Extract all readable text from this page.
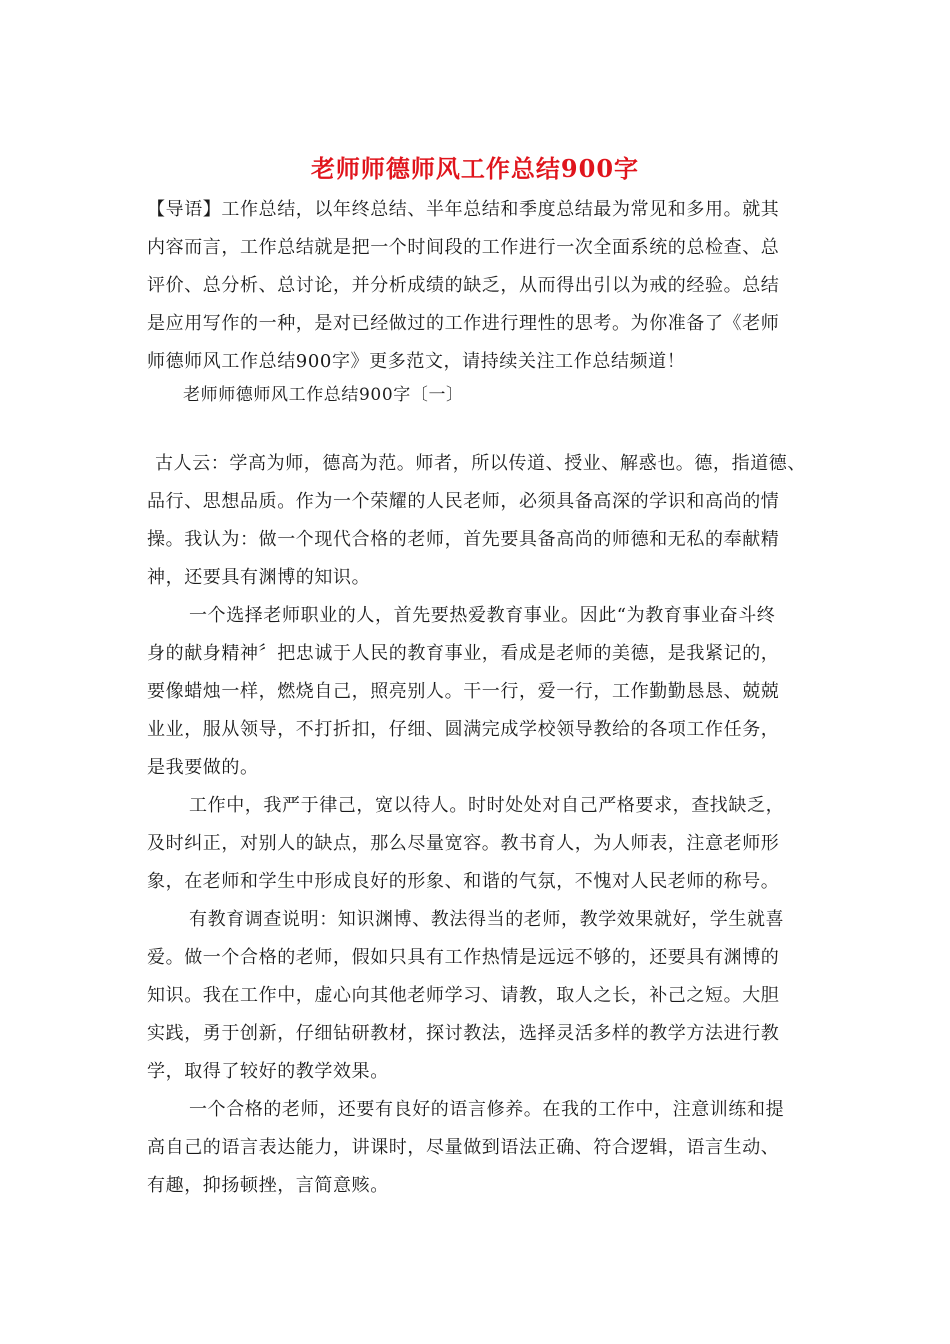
老师师德师风工作总结900字
【导语】工作总结，以年终总结、半年总结和季度总结最为常见和多用。就其
内容而言，工作总结就是把一个时间段的工作进行一次全面系统的总检查、总
评价、总分析、总讨论，并分析成绩的缺乏，从而得出引以为戒的经验。总结
是应用写作的一种，是对已经做过的工作进行理性的思考。为你准备了《老师
师德师风工作总结900字》更多范文，请持续关注工作总结频道！
老师师德师风工作总结900字〔一〕
古人云：学高为师，德高为范。师者，所以传道、授业、解惑也。德，指道德、
品行、思想品质。作为一个荣耀的人民老师，必须具备高深的学识和高尚的情
操。我认为：做一个现代合格的老师，首先要具备高尚的师德和无私的奉献精
神，还要具有渊博的知识。
一个选择老师职业的人，首先要热爱教育事业。因此“为教育事业奋斗终
身的献身精神〞把忠诚于人民的教育事业，看成是老师的美德，是我紧记的，
要像蜡烛一样，燃烧自己，照亮别人。干一行，爱一行，工作勤勤恳恳、兢兢
业业，服从领导，不打折扣，仔细、圆满完成学校领导教给的各项工作任务，
是我要做的。
工作中，我严于律己，宽以待人。时时处处对自己严格要求，查找缺乏，
及时纠正，对别人的缺点，那么尽量宽容。教书育人，为人师表，注意老师形
象，在老师和学生中形成良好的形象、和谐的气氛，不愧对人民老师的称号。
有教育调查说明：知识渊博、教法得当的老师，教学效果就好，学生就喜
爱。做一个合格的老师，假如只具有工作热情是远远不够的，还要具有渊博的
知识。我在工作中，虚心向其他老师学习、请教，取人之长，补己之短。大胆
实践，勇于创新，仔细钻研教材，探讨教法，选择灵活多样的教学方法进行教
学，取得了较好的教学效果。
一个合格的老师，还要有良好的语言修养。在我的工作中，注意训练和提
高自己的语言表达能力，讲课时，尽量做到语法正确、符合逻辑，语言生动、
有趣，抑扬顿挫，言简意赅。
